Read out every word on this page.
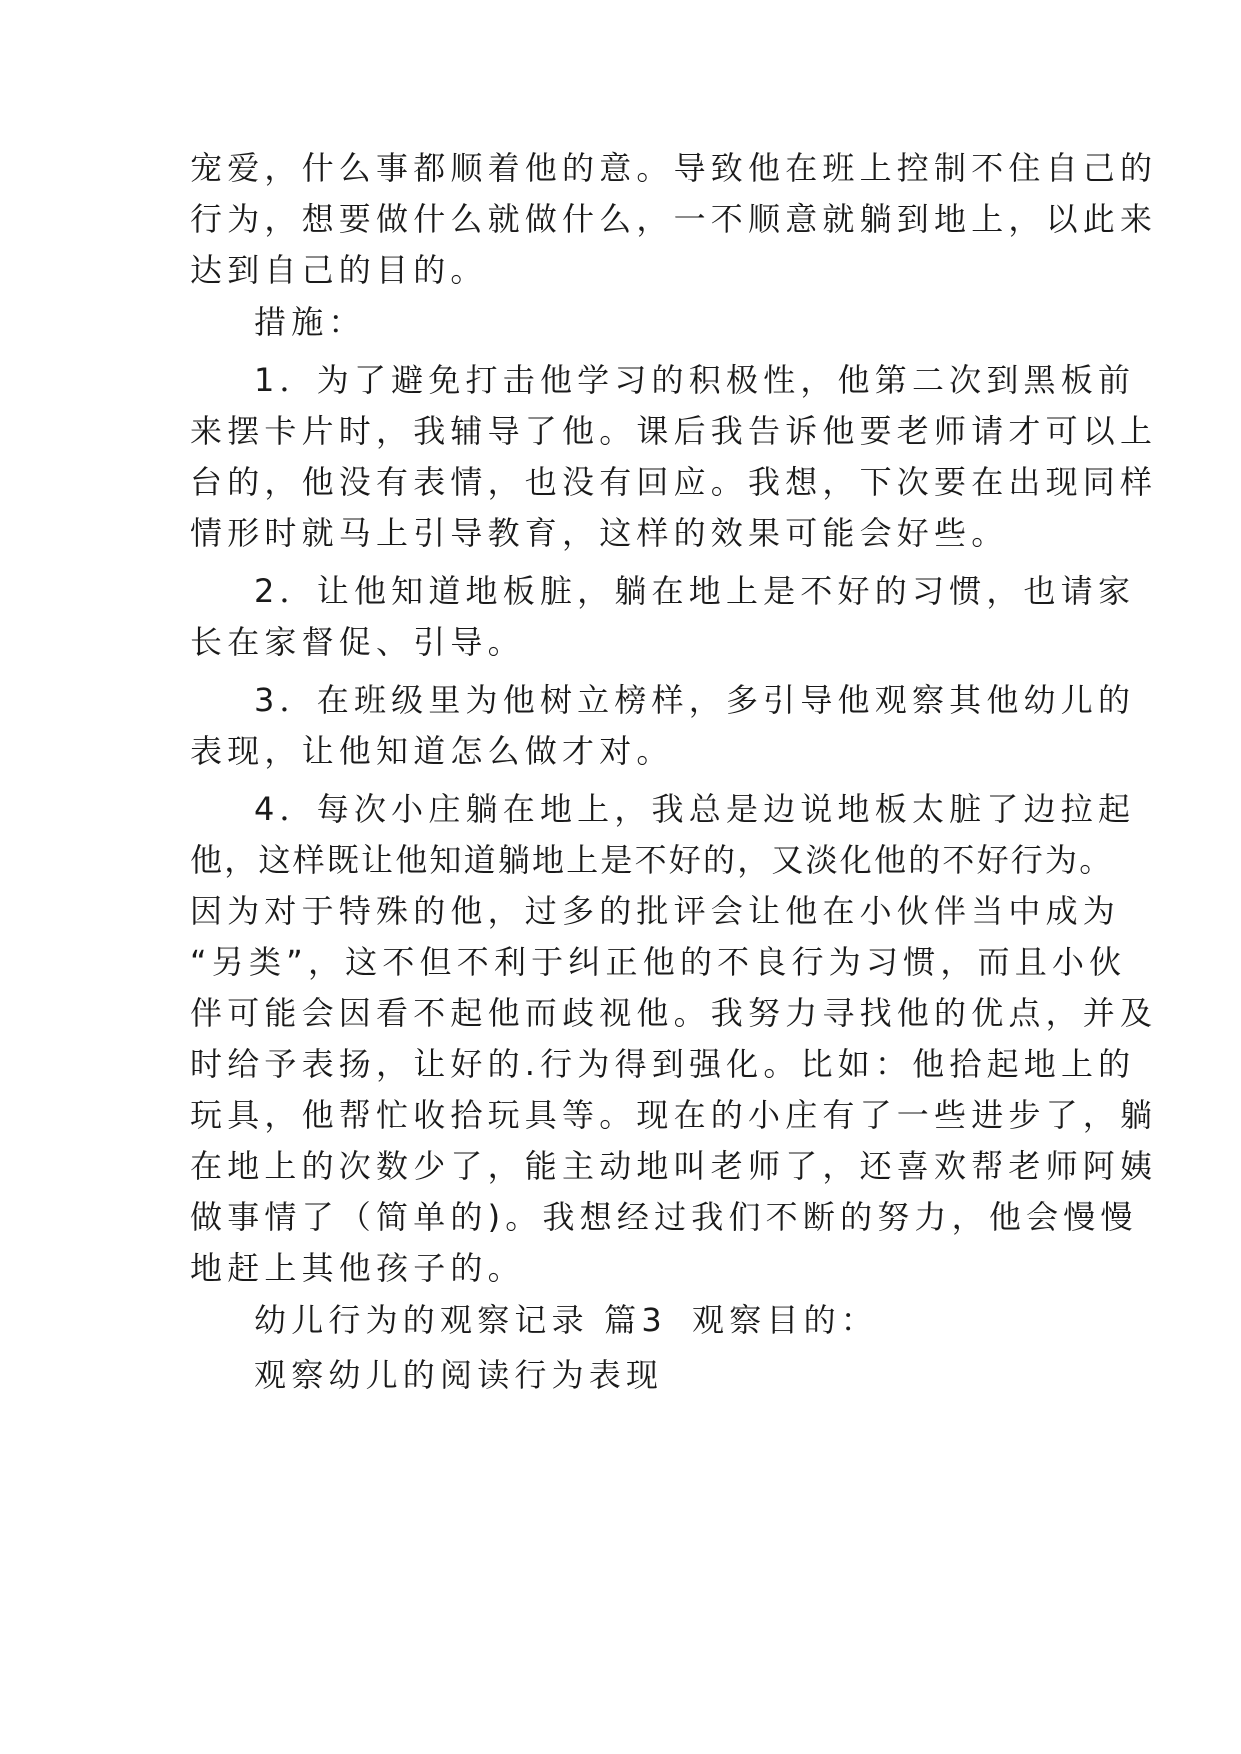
宠爱，什么事都顺着他的意。导致他在班上控制不住自己的
行为，想要做什么就做什么，一不顺意就躺到地上，以此来
达到自己的目的。
措施：
1．为了避免打击他学习的积极性，他第二次到黑板前
来摆卡片时，我辅导了他。课后我告诉他要老师请才可以上
台的，他没有表情，也没有回应。我想，下次要在出现同样
情形时就马上引导教育，这样的效果可能会好些。
2．让他知道地板脏，躺在地上是不好的习惯，也请家
长在家督促、引导。
3．在班级里为他树立榜样，多引导他观察其他幼儿的
表现，让他知道怎么做才对。
4．每次小庄躺在地上，我总是边说地板太脏了边拉起
他，这样既让他知道躺地上是不好的，又淡化他的不好行为。
因为对于特殊的他，过多的批评会让他在小伙伴当中成为
“另类”，这不但不利于纠正他的不良行为习惯，而且小伙
伴可能会因看不起他而歧视他。我努力寻找他的优点，并及
时给予表扬，让好的.行为得到强化。比如：他拾起地上的
玩具，他帮忙收拾玩具等。现在的小庄有了一些进步了，躺
在地上的次数少了，能主动地叫老师了，还喜欢帮老师阿姨
做事情了（简单的)。我想经过我们不断的努力，他会慢慢
地赶上其他孩子的。
幼儿行为的观察记录 篇3 观察目的：
观察幼儿的阅读行为表现
